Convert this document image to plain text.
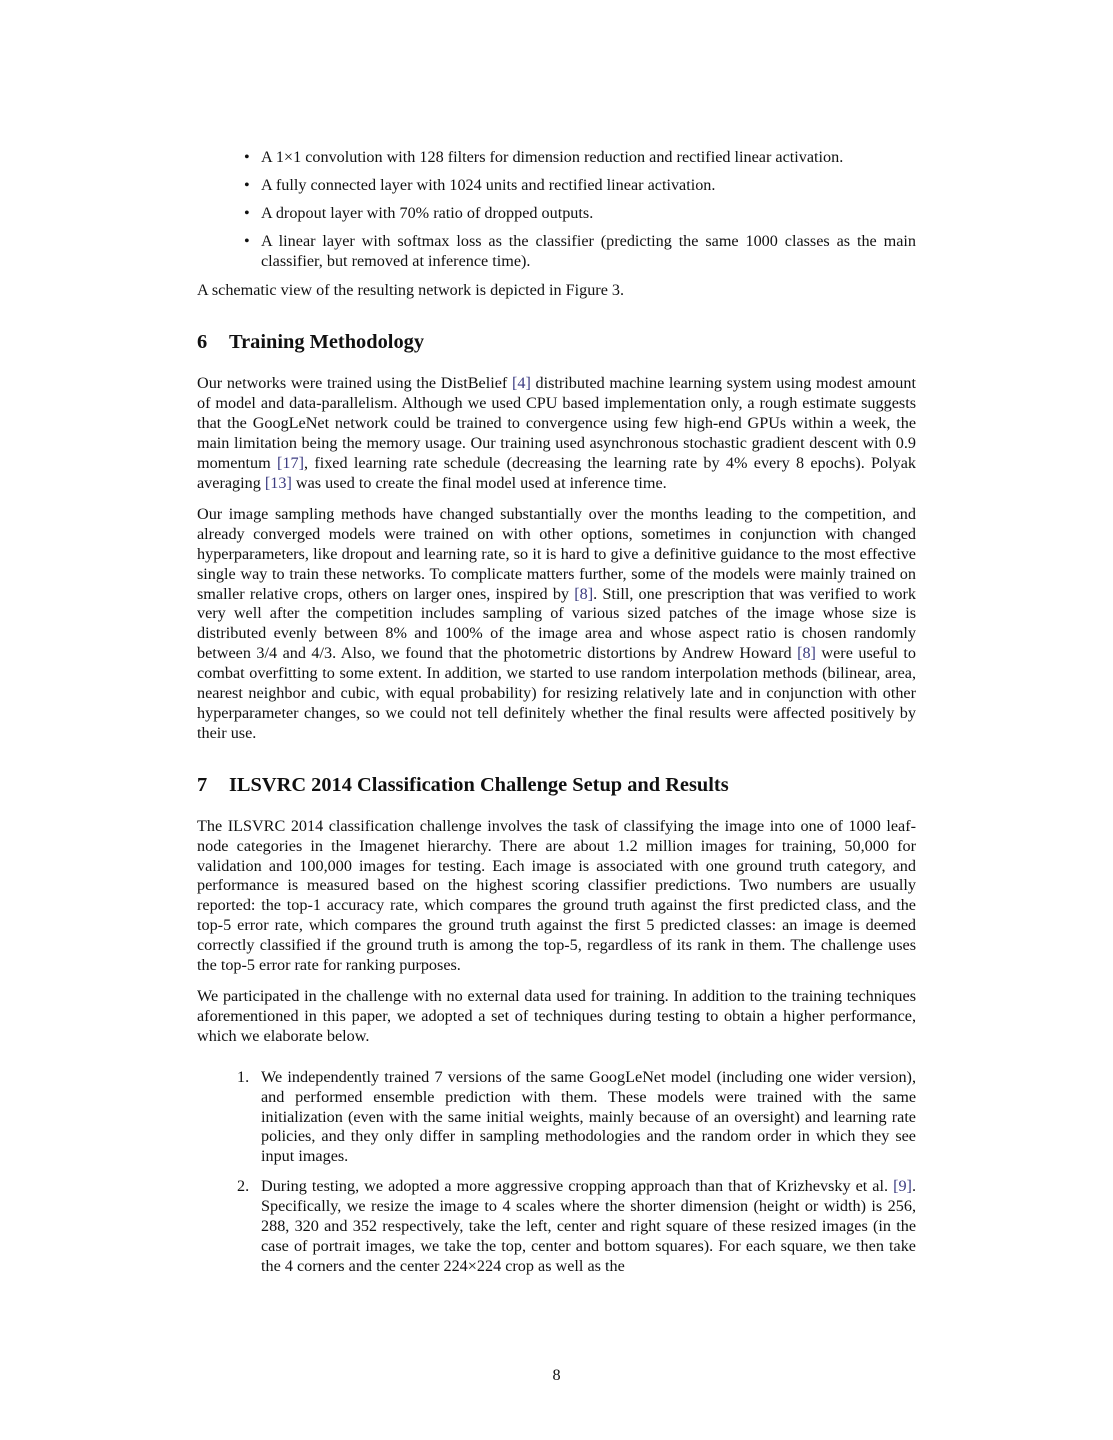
• A 1×1 convolution with 128 filters for dimension reduction and rectified linear activation.
• A fully connected layer with 1024 units and rectified linear activation.
• A dropout layer with 70% ratio of dropped outputs.
• A linear layer with softmax loss as the classifier (predicting the same 1000 classes as the main classifier, but removed at inference time).

A schematic view of the resulting network is depicted in Figure 3.

6 Training Methodology

Our networks were trained using the DistBelief [4] distributed machine learning system using modest amount of model and data-parallelism. Although we used CPU based implementation only, a rough estimate suggests that the GoogLeNet network could be trained to convergence using few high-end GPUs within a week, the main limitation being the memory usage. Our training used asynchronous stochastic gradient descent with 0.9 momentum [17], fixed learning rate schedule (decreasing the learning rate by 4% every 8 epochs). Polyak averaging [13] was used to create the final model used at inference time.

Our image sampling methods have changed substantially over the months leading to the competition, and already converged models were trained on with other options, sometimes in conjunction with changed hyperparameters, like dropout and learning rate, so it is hard to give a definitive guidance to the most effective single way to train these networks. To complicate matters further, some of the models were mainly trained on smaller relative crops, others on larger ones, inspired by [8]. Still, one prescription that was verified to work very well after the competition includes sampling of various sized patches of the image whose size is distributed evenly between 8% and 100% of the image area and whose aspect ratio is chosen randomly between 3/4 and 4/3. Also, we found that the photometric distortions by Andrew Howard [8] were useful to combat overfitting to some extent. In addition, we started to use random interpolation methods (bilinear, area, nearest neighbor and cubic, with equal probability) for resizing relatively late and in conjunction with other hyperparameter changes, so we could not tell definitely whether the final results were affected positively by their use.

7 ILSVRC 2014 Classification Challenge Setup and Results

The ILSVRC 2014 classification challenge involves the task of classifying the image into one of 1000 leaf-node categories in the Imagenet hierarchy. There are about 1.2 million images for training, 50,000 for validation and 100,000 images for testing. Each image is associated with one ground truth category, and performance is measured based on the highest scoring classifier predictions. Two numbers are usually reported: the top-1 accuracy rate, which compares the ground truth against the first predicted class, and the top-5 error rate, which compares the ground truth against the first 5 predicted classes: an image is deemed correctly classified if the ground truth is among the top-5, regardless of its rank in them. The challenge uses the top-5 error rate for ranking purposes.

We participated in the challenge with no external data used for training. In addition to the training techniques aforementioned in this paper, we adopted a set of techniques during testing to obtain a higher performance, which we elaborate below.

1. We independently trained 7 versions of the same GoogLeNet model (including one wider version), and performed ensemble prediction with them. These models were trained with the same initialization (even with the same initial weights, mainly because of an oversight) and learning rate policies, and they only differ in sampling methodologies and the random order in which they see input images.
2. During testing, we adopted a more aggressive cropping approach than that of Krizhevsky et al. [9]. Specifically, we resize the image to 4 scales where the shorter dimension (height or width) is 256, 288, 320 and 352 respectively, take the left, center and right square of these resized images (in the case of portrait images, we take the top, center and bottom squares). For each square, we then take the 4 corners and the center 224×224 crop as well as the
8
